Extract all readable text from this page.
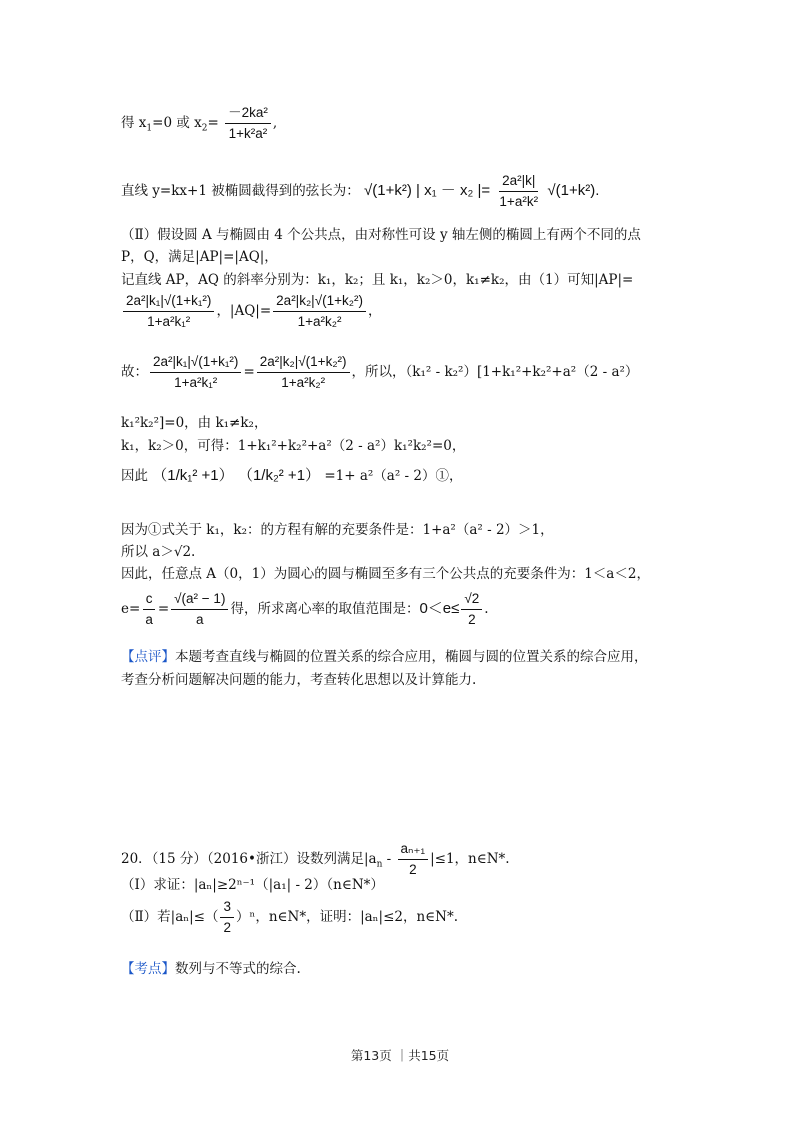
得 $x_1=0$ 或 $x_2= \frac{\text{－2ka²}}{\text{1+k²a²}}$ ,
直线 y=kx+1 被椭圆截得到的弦长为： √(1+k²) | x₁ － x₂ |= $\frac{\text{2a²|k|}}{\text{1+a²k²}} √(1+k^2)$.
（Ⅱ）假设圆 A 与椭圆由 4 个公共点，由对称性可设 y 轴左侧的椭圆上有两个不同的点
P，Q，满足|AP|=|AQ|，
记直线 AP，AQ 的斜率分别为：k₁，k₂；且 k₁，k₂＞0，k₁≠k₂，由（1）可知|AP|=
$\frac{\text{2a²|k₁|√(1+k₁²)}}{\text{1+a²k₁²}}$ ，$|AQ|= \frac{\text{2a²|k₂|√(1+k₂²)}}{\text{1+a²k₂²}}$ ，
故： $\frac{\text{2a²|k₁|√(1+k₁²)}}{\text{1+a²k₁²}} = \frac{\text{2a²|k₂|√(1+k₂²)}}{\text{1+a²k₂²}}$ ，所以，（k₁² - k₂²）[1+k₁²+k₂²+a²（2 - a²）
k₁²k₂²]=0，由 k₁≠k₂，
k₁，k₂＞0，可得：1+k₁²+k₂²+a²（2 - a²）k₁²k₂²=0，
因此 （1/k₁² +1） （1/k₂² +1） =1+ a²（a² - 2）①，
因为①式关于 k₁，k₂：的方程有解的充要条件是：1+a²（a² - 2）＞1，
所以 a＞√2.
因此，任意点 A（0，1）为圆心的圆与椭圆至多有三个公共点的充要条件为：1＜a＜2，
$e= \frac{c}{a} = \frac{\text{√(a² − 1)}}{a}$ 得，所求离心率的取值范围是：$0<e\le \frac{√2}{2}$ .
【点评】本题考查直线与椭圆的位置关系的综合应用，椭圆与圆的位置关系的综合应用，
考查分析问题解决问题的能力，考查转化思想以及计算能力.
20．（15 分）（2016•浙江）设数列满足$|a_n - \frac{\text{aₙ₊₁}}{2} |\le 1$，n∈N*.
（Ⅰ）求证：|aₙ|≥2ⁿ⁻¹（|a₁| - 2）（n∈N*）
（Ⅱ）若$|a_n|\le( \frac{3}{2} )^n$，n∈N*，证明：|aₙ|≤2，n∈N*.
【考点】数列与不等式的综合.
第13页 ｜共15页
